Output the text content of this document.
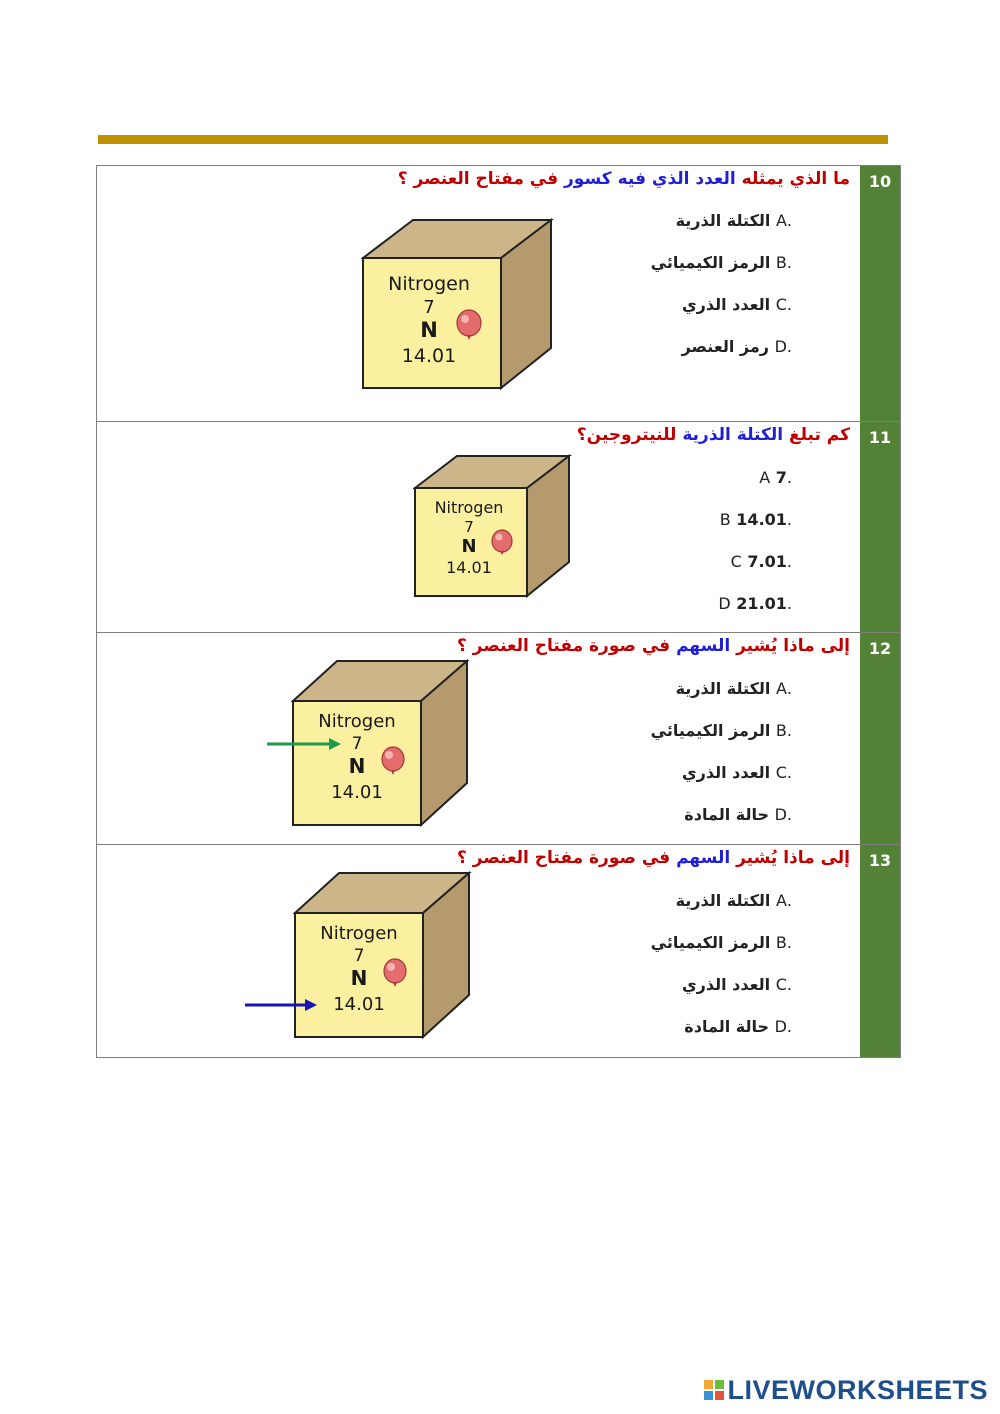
10
ما الذي يمثله العدد الذي فيه كسور في مفتاح العنصر ؟
.A الكتلة الذرية
.B الرمز الكيميائي
.C العدد الذري
.D رمز العنصر
Nitrogen
7
N
14.01
11
كم تبلغ الكتلة الذرية للنيتروجين؟
.A 7
.B 14.01
.C 7.01
.D 21.01
Nitrogen
7
N
14.01
12
إلى ماذا يُشير السهم في صورة مفتاح العنصر ؟
.A الكتلة الذرية
.B الرمز الكيميائي
.C العدد الذري
.D حالة المادة
Nitrogen
7
N
14.01
13
إلى ماذا يُشير السهم في صورة مفتاح العنصر ؟
.A الكتلة الذرية
.B الرمز الكيميائي
.C العدد الذري
.D حالة المادة
Nitrogen
7
N
14.01
LIVEWORKSHEETS
